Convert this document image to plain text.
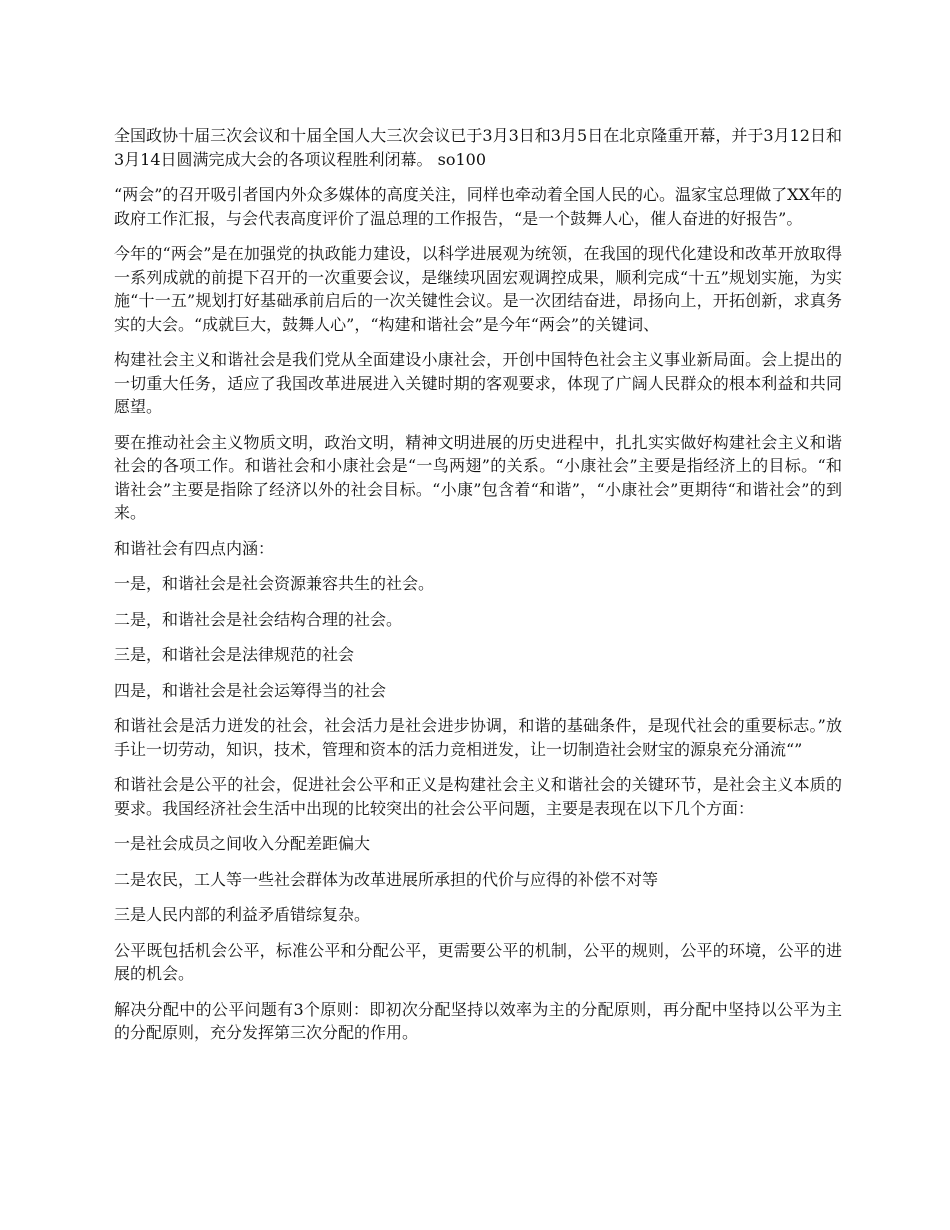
全国政协十届三次会议和十届全国人大三次会议已于3月3日和3月5日在北京隆重开幕，并于3月12日和3月14日圆满完成大会的各项议程胜利闭幕。 so100

“两会”的召开吸引者国内外众多媒体的高度关注，同样也牵动着全国人民的心。温家宝总理做了XX年的政府工作汇报，与会代表高度评价了温总理的工作报告，“是一个鼓舞人心，催人奋进的好报告”。

今年的“两会”是在加强党的执政能力建设，以科学进展观为统领，在我国的现代化建设和改革开放取得一系列成就的前提下召开的一次重要会议，是继续巩固宏观调控成果，顺利完成“十五”规划实施，为实施“十一五”规划打好基础承前启后的一次关键性会议。是一次团结奋进，昂扬向上，开拓创新，求真务实的大会。“成就巨大，鼓舞人心”，“构建和谐社会”是今年“两会”的关键词、

构建社会主义和谐社会是我们党从全面建设小康社会，开创中国特色社会主义事业新局面。会上提出的一切重大任务，适应了我国改革进展进入关键时期的客观要求，体现了广阔人民群众的根本利益和共同愿望。

要在推动社会主义物质文明，政治文明，精神文明进展的历史进程中，扎扎实实做好构建社会主义和谐社会的各项工作。和谐社会和小康社会是“一鸟两翅”的关系。“小康社会”主要是指经济上的目标。“和谐社会”主要是指除了经济以外的社会目标。“小康”包含着“和谐”，“小康社会”更期待“和谐社会”的到来。

和谐社会有四点内涵：

一是，和谐社会是社会资源兼容共生的社会。

二是，和谐社会是社会结构合理的社会。

三是，和谐社会是法律规范的社会

四是，和谐社会是社会运筹得当的社会

和谐社会是活力迸发的社会，社会活力是社会进步协调，和谐的基础条件，是现代社会的重要标志。”放手让一切劳动，知识，技术，管理和资本的活力竞相迸发，让一切制造社会财宝的源泉充分涌流“”

和谐社会是公平的社会，促进社会公平和正义是构建社会主义和谐社会的关键环节，是社会主义本质的要求。我国经济社会生活中出现的比较突出的社会公平问题，主要是表现在以下几个方面：

一是社会成员之间收入分配差距偏大

二是农民，工人等一些社会群体为改革进展所承担的代价与应得的补偿不对等

三是人民内部的利益矛盾错综复杂。

公平既包括机会公平，标准公平和分配公平，更需要公平的机制，公平的规则，公平的环境，公平的进展的机会。

解决分配中的公平问题有3个原则：即初次分配坚持以效率为主的分配原则，再分配中坚持以公平为主的分配原则，充分发挥第三次分配的作用。
